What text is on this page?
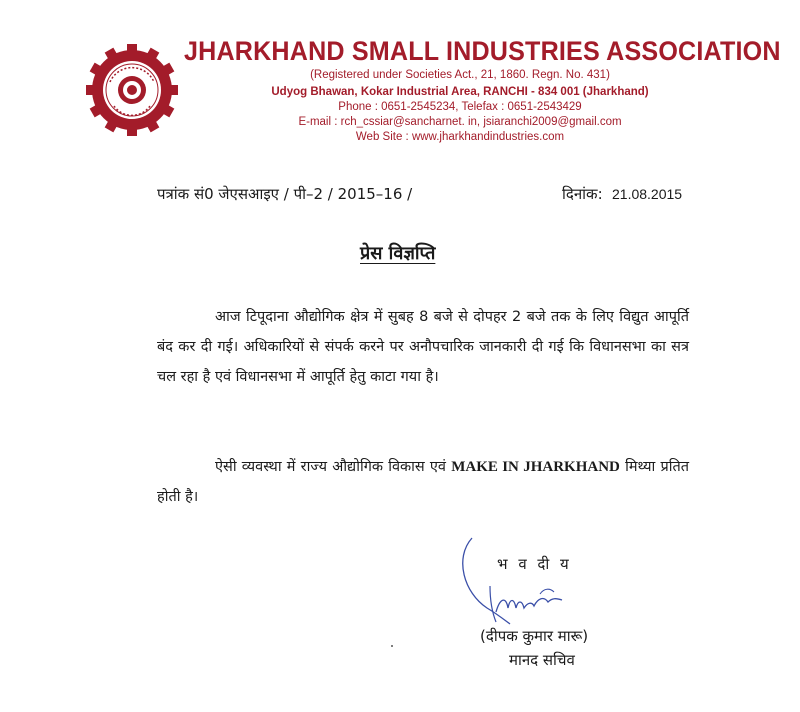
JHARKHAND SMALL INDUSTRIES ASSOCIATION
(Registered under Societies Act., 21, 1860. Regn. No. 431)
Udyog Bhawan, Kokar Industrial Area, RANCHI - 834 001 (Jharkhand)
Phone : 0651-2545234, Telefax : 0651-2543429
E-mail : rch_cssiar@sancharnet. in, jsiaranchi2009@gmail.com
Web Site : www.jharkhandindustries.com
पत्रांक सं0 जेएसआइए / पी–2 / 2015–16 /	दिनांक: 21.08.2015
प्रेस विज्ञप्ति
आज टिपूदाना औद्योगिक क्षेत्र में सुबह 8 बजे से दोपहर 2 बजे तक के लिए विद्युत आपूर्ति बंद कर दी गई। अधिकारियों से संपर्क करने पर अनौपचारिक जानकारी दी गई कि विधानसभा का सत्र चल रहा है एवं विधानसभा में आपूर्ति हेतु काटा गया है।
ऐसी व्यवस्था में राज्य औद्योगिक विकास एवं MAKE IN JHARKHAND मिथ्या प्रतित होती है।
भ व दी य
(दीपक कुमार मारू)
मानद सचिव
